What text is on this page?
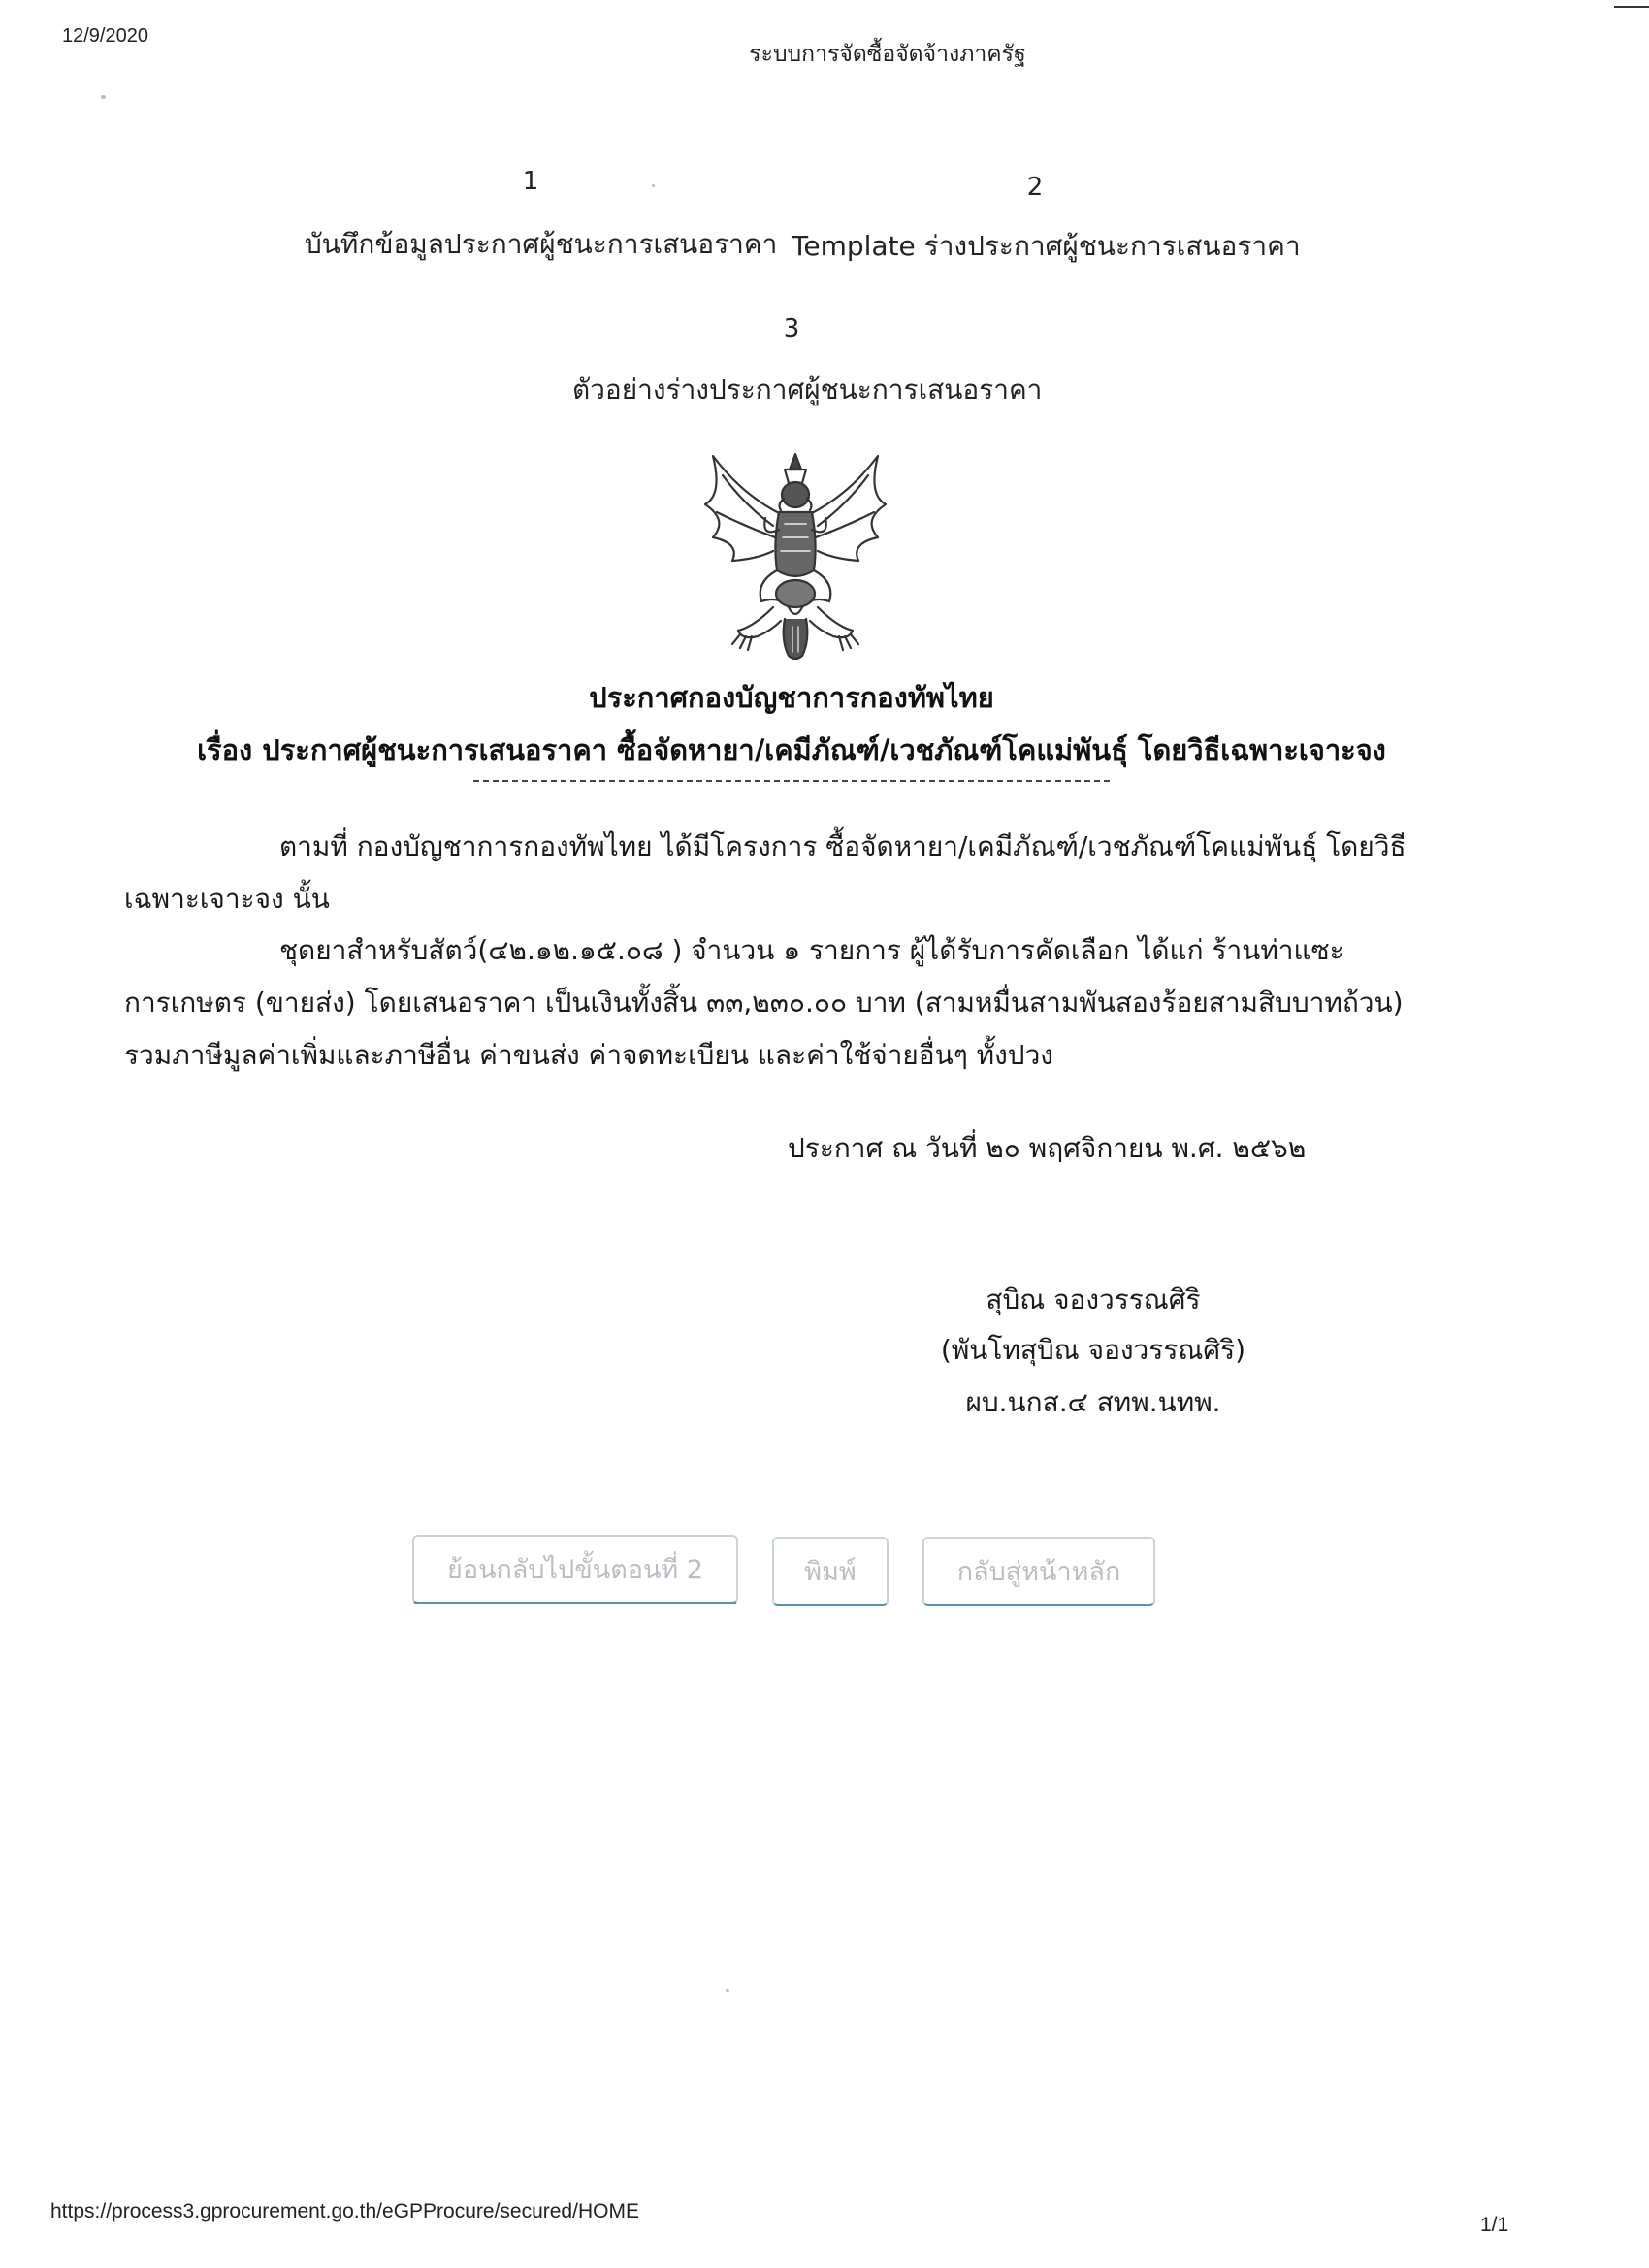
12/9/2020
ระบบการจัดซื้อจัดจ้างภาครัฐ
1
บันทึกข้อมูลประกาศผู้ชนะการเสนอราคา
2
Template ร่างประกาศผู้ชนะการเสนอราคา
3
ตัวอย่างร่างประกาศผู้ชนะการเสนอราคา
ประกาศกองบัญชาการกองทัพไทย
เรื่อง ประกาศผู้ชนะการเสนอราคา ซื้อจัดหายา/เคมีภัณฑ์/เวชภัณฑ์โคแม่พันธุ์ โดยวิธีเฉพาะเจาะจง
ตามที่ กองบัญชาการกองทัพไทย ได้มีโครงการ ซื้อจัดหายา/เคมีภัณฑ์/เวชภัณฑ์โคแม่พันธุ์ โดยวิธีเฉพาะเจาะจง นั้น
ชุดยาสำหรับสัตว์(๔๒.๑๒.๑๕.๐๘ ) จำนวน ๑ รายการ ผู้ได้รับการคัดเลือก ได้แก่ ร้านท่าแซะการเกษตร (ขายส่ง) โดยเสนอราคา เป็นเงินทั้งสิ้น ๓๓,๒๓๐.๐๐ บาท (สามหมื่นสามพันสองร้อยสามสิบบาทถ้วน) รวมภาษีมูลค่าเพิ่มและภาษีอื่น ค่าขนส่ง ค่าจดทะเบียน และค่าใช้จ่ายอื่นๆ ทั้งปวง
ประกาศ ณ วันที่ ๒๐ พฤศจิกายน พ.ศ. ๒๕๖๒
สุบิณ จองวรรณศิริ
(พันโทสุบิณ จองวรรณศิริ)
ผบ.นกส.๔ สทพ.นทพ.
ย้อนกลับไปขั้นตอนที่ 2	พิมพ์	กลับสู่หน้าหลัก
https://process3.gprocurement.go.th/eGPProcure/secured/HOME
1/1
